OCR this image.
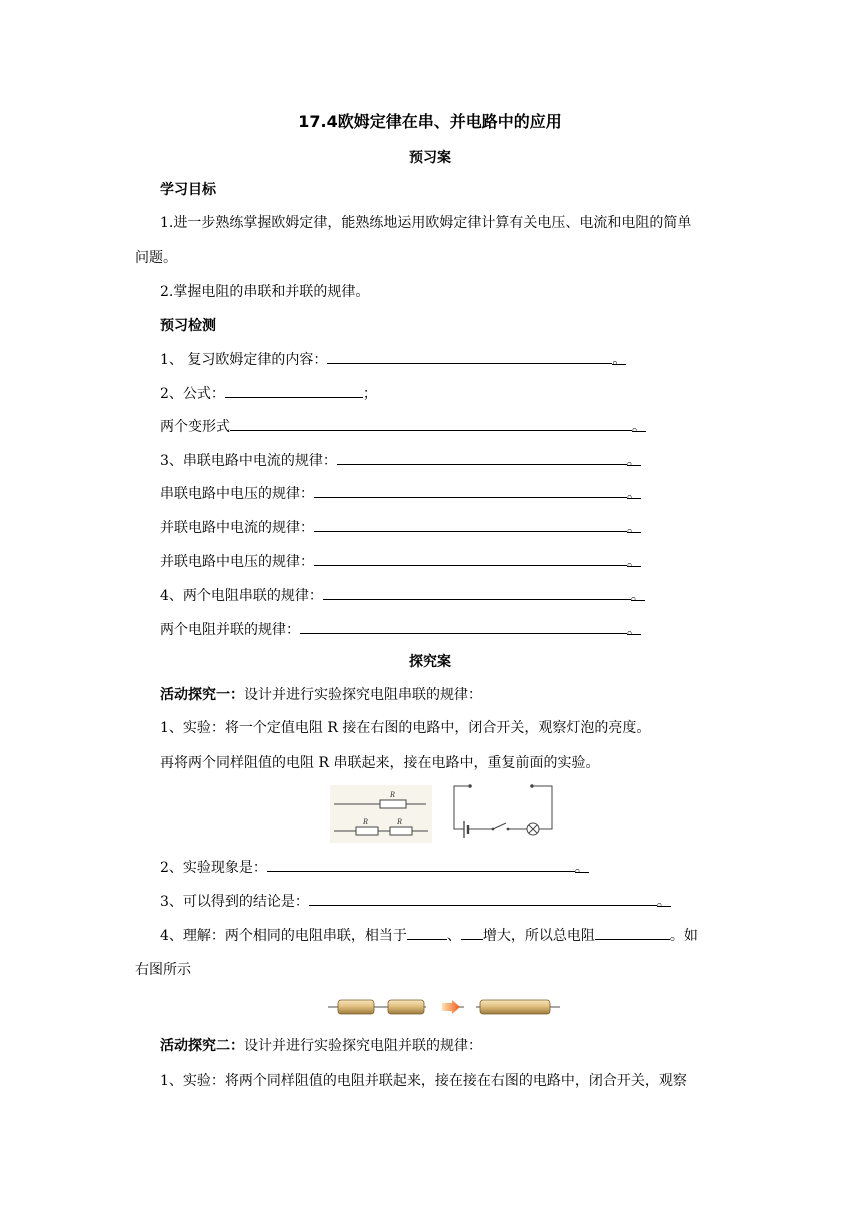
17.4欧姆定律在串、并电路中的应用
预习案
学习目标
1.进一步熟练掌握欧姆定律，能熟练地运用欧姆定律计算有关电压、电流和电阻的简单
问题。
2.掌握电阻的串联和并联的规律。
预习检测
1、 复习欧姆定律的内容：	。
2、公式：	；
两个变形式	。
3、串联电路中电流的规律：	。
串联电路中电压的规律：	。
并联电路中电流的规律：	。
并联电路中电压的规律：	。
4、两个电阻串联的规律：	。
两个电阻并联的规律：	。
探究案
活动探究一：设计并进行实验探究电阻串联的规律：
1、实验：将一个定值电阻 R 接在右图的电路中，闭合开关，观察灯泡的亮度。
再将两个同样阻值的电阻 R 串联起来，接在电路中，重复前面的实验。
R
R	R
2、实验现象是：	。
3、可以得到的结论是：	。
4、理解：两个相同的电阻串联，相当于	、 增大，所以总电阻	。如
右图所示
活动探究二：设计并进行实验探究电阻并联的规律：
1、实验：将两个同样阻值的电阻并联起来，接在接在右图的电路中，闭合开关，观察
